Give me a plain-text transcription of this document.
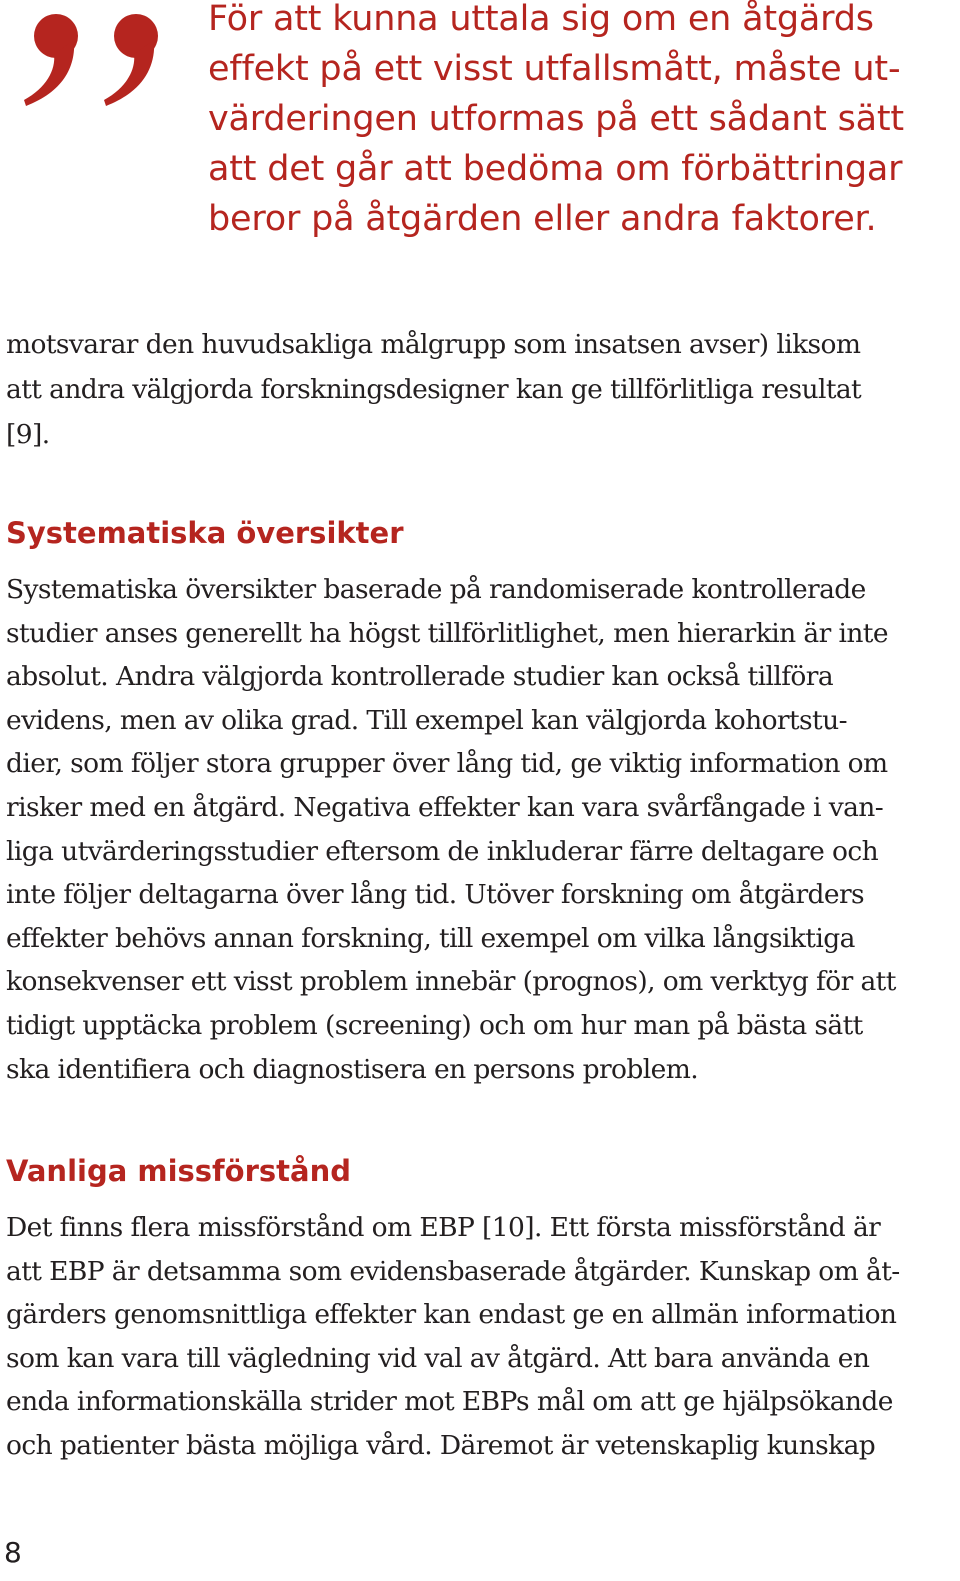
För att kunna uttala sig om en åtgärds
effekt på ett visst utfallsmått, måste ut-
värderingen utformas på ett sådant sätt
att det går att bedöma om förbättringar
beror på åtgärden eller andra faktorer.

motsvarar den huvudsakliga målgrupp som insatsen avser) liksom
att andra välgjorda forskningsdesigner kan ge tillförlitliga resultat
[9].

Systematiska översikter

Systematiska översikter baserade på randomiserade kontrollerade
studier anses generellt ha högst tillförlitlighet, men hierarkin är inte
absolut. Andra välgjorda kontrollerade studier kan också tillföra
evidens, men av olika grad. Till exempel kan välgjorda kohortstu-
dier, som följer stora grupper över lång tid, ge viktig information om
risker med en åtgärd. Negativa effekter kan vara svårfångade i van-
liga utvärderingsstudier eftersom de inkluderar färre deltagare och
inte följer deltagarna över lång tid. Utöver forskning om åtgärders
effekter behövs annan forskning, till exempel om vilka långsiktiga
konsekvenser ett visst problem innebär (prognos), om verktyg för att
tidigt upptäcka problem (screening) och om hur man på bästa sätt
ska identifiera och diagnostisera en persons problem.

Vanliga missförstånd

Det finns flera missförstånd om EBP [10]. Ett första missförstånd är
att EBP är detsamma som evidensbaserade åtgärder. Kunskap om åt-
gärders genomsnittliga effekter kan endast ge en allmän information
som kan vara till vägledning vid val av åtgärd. Att bara använda en
enda informationskälla strider mot EBPs mål om att ge hjälpsökande
och patienter bästa möjliga vård. Däremot är vetenskaplig kunskap

8
